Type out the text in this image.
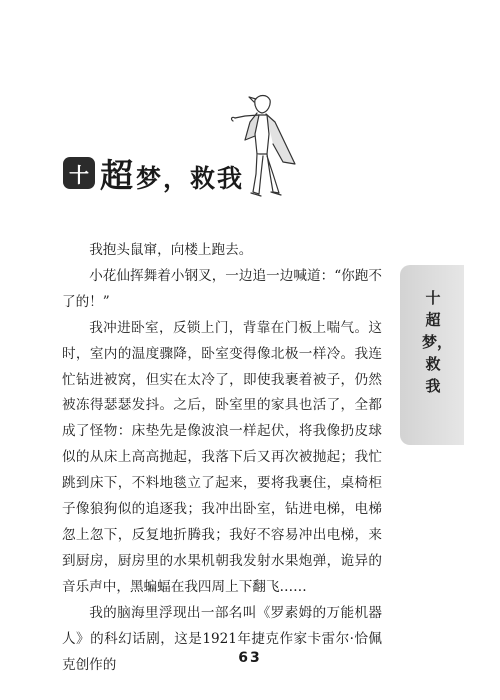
十 超 梦，救我

我抱头鼠窜，向楼上跑去。

小花仙挥舞着小钢叉，一边追一边喊道：“你跑不了的！”

我冲进卧室，反锁上门，背靠在门板上喘气。这时，室内的温度骤降，卧室变得像北极一样冷。我连忙钻进被窝，但实在太冷了，即使我裹着被子，仍然被冻得瑟瑟发抖。之后，卧室里的家具也活了，全都成了怪物：床垫先是像波浪一样起伏，将我像扔皮球似的从床上高高抛起，我落下后又再次被抛起；我忙跳到床下，不料地毯立了起来，要将我裹住，桌椅柜子像狼狗似的追逐我；我冲出卧室，钻进电梯，电梯忽上忽下，反复地折腾我；我好不容易冲出电梯，来到厨房，厨房里的水果机朝我发射水果炮弹，诡异的音乐声中，黑蝙蝠在我四周上下翻飞……

我的脑海里浮现出一部名叫《罗素姆的万能机器人》的科幻话剧，这是1921年捷克作家卡雷尔·恰佩克创作的

十超梦，救我
63
